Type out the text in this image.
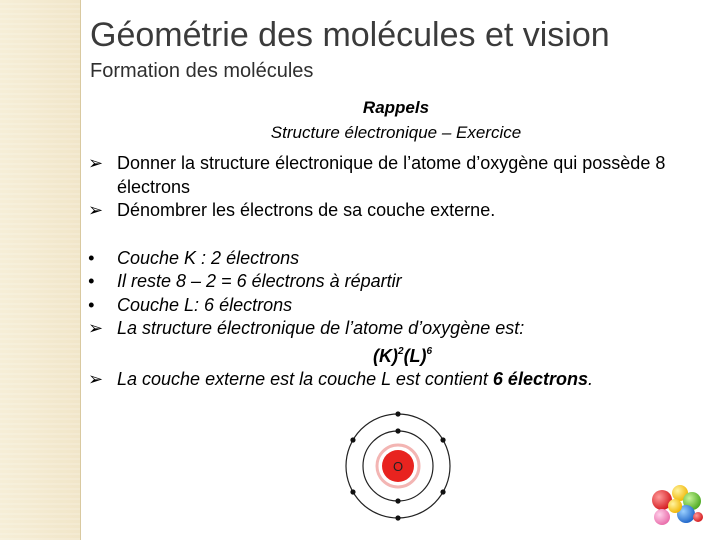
Géométrie des molécules et vision
Formation des molécules
Rappels
Structure électronique – Exercice
➢ Donner la structure électronique de l’atome d’oxygène qui possède 8
électrons
➢ Dénombrer les électrons de sa couche externe.
•	Couche K : 2 électrons
•	Il reste 8 – 2 = 6 électrons à répartir
•	Couche L: 6 électrons
➢ La structure électronique de l’atome d’oxygène est:
$(K)^2(L)^6$
➢ La couche externe est la couche L est contient 6 électrons.
O
